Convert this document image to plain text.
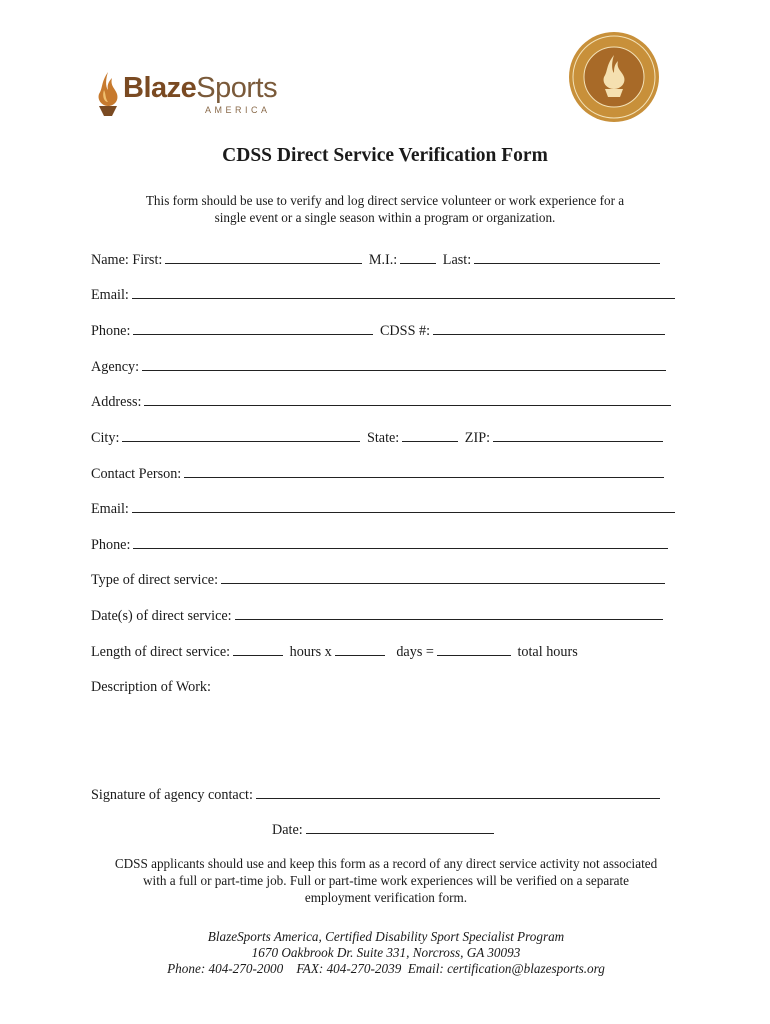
BlazeSports
AMERICA
CDSS Direct Service Verification Form
This form should be use to verify and log direct service volunteer or work experience for a
single event or a single season within a program or organization.
Name: First:	M.I.:	Last:
Email:
Phone:	CDSS #:
Agency:
Address:
City:	State:	ZIP:
Contact Person:
Email:
Phone:
Type of direct service:
Date(s) of direct service:
Length of direct service:	hours x	days =	total hours
Description of Work:
Signature of agency contact:
Date:
CDSS applicants should use and keep this form as a record of any direct service activity not associated
with a full or part-time job. Full or part-time work experiences will be verified on a separate
employment verification form.
BlazeSports America, Certified Disability Sport Specialist Program
1670 Oakbrook Dr. Suite 331, Norcross, GA 30093
Phone: 404-270-2000    FAX: 404-270-2039  Email: certification@blazesports.org
